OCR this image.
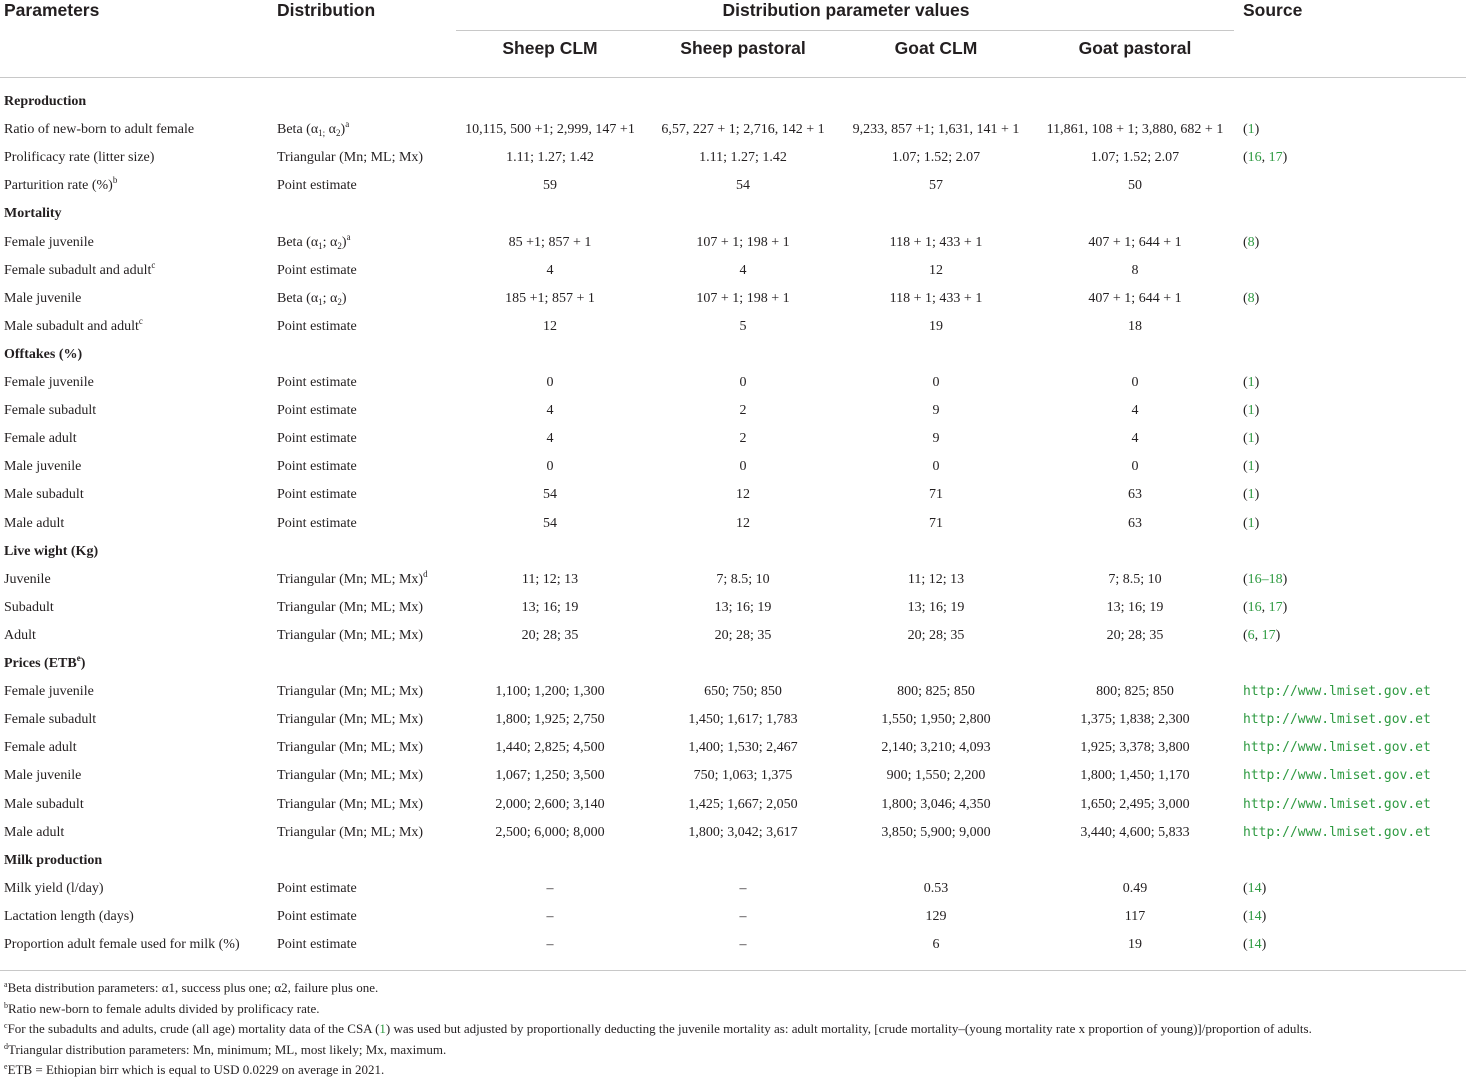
Parameters	Distribution	Distribution parameter values	Source
Sheep CLM	Sheep pastoral	Goat CLM	Goat pastoral
Reproduction
Ratio of new-born to adult female	Beta ($\alpha_{1;}$ $\alpha_2)^a$	10,115, 500 +1; 2,999, 147 +1	6,57, 227 + 1; 2,716, 142 + 1	9,233, 857 +1; 1,631, 141 + 1	11,861, 108 + 1; 3,880, 682 + 1	(1)
Prolificacy rate (litter size)	Triangular (Mn; ML; Mx)	1.11; 1.27; 1.42	1.11; 1.27; 1.42	1.07; 1.52; 2.07	1.07; 1.52; 2.07	(16, 17)
Parturition rate (%)$^b$	Point estimate	59	54	57	50
Mortality
Female juvenile	Beta ($\alpha_1$; $\alpha_2)^a$	85 +1; 857 + 1	107 + 1; 198 + 1	118 + 1; 433 + 1	407 + 1; 644 + 1	(8)
Female subadult and adult$^c$	Point estimate	4	4	12	8
Male juvenile	Beta ($\alpha_1$; $\alpha_2$)	185 +1; 857 + 1	107 + 1; 198 + 1	118 + 1; 433 + 1	407 + 1; 644 + 1	(8)
Male subadult and adult$^c$	Point estimate	12	5	19	18
Offtakes (%)
Female juvenile	Point estimate	0	0	0	0	(1)
Female subadult	Point estimate	4	2	9	4	(1)
Female adult	Point estimate	4	2	9	4	(1)
Male juvenile	Point estimate	0	0	0	0	(1)
Male subadult	Point estimate	54	12	71	63	(1)
Male adult	Point estimate	54	12	71	63	(1)
Live wight (Kg)
Juvenile	Triangular (Mn; ML; Mx)$^d$	11; 12; 13	7; 8.5; 10	11; 12; 13	7; 8.5; 10	(16–18)
Subadult	Triangular (Mn; ML; Mx)	13; 16; 19	13; 16; 19	13; 16; 19	13; 16; 19	(16, 17)
Adult	Triangular (Mn; ML; Mx)	20; 28; 35	20; 28; 35	20; 28; 35	20; 28; 35	(6, 17)
Prices (ETB$^e$)
Female juvenile	Triangular (Mn; ML; Mx)	1,100; 1,200; 1,300	650; 750; 850	800; 825; 850	800; 825; 850	http://www.lmiset.gov.et
Female subadult	Triangular (Mn; ML; Mx)	1,800; 1,925; 2,750	1,450; 1,617; 1,783	1,550; 1,950; 2,800	1,375; 1,838; 2,300	http://www.lmiset.gov.et
Female adult	Triangular (Mn; ML; Mx)	1,440; 2,825; 4,500	1,400; 1,530; 2,467	2,140; 3,210; 4,093	1,925; 3,378; 3,800	http://www.lmiset.gov.et
Male juvenile	Triangular (Mn; ML; Mx)	1,067; 1,250; 3,500	750; 1,063; 1,375	900; 1,550; 2,200	1,800; 1,450; 1,170	http://www.lmiset.gov.et
Male subadult	Triangular (Mn; ML; Mx)	2,000; 2,600; 3,140	1,425; 1,667; 2,050	1,800; 3,046; 4,350	1,650; 2,495; 3,000	http://www.lmiset.gov.et
Male adult	Triangular (Mn; ML; Mx)	2,500; 6,000; 8,000	1,800; 3,042; 3,617	3,850; 5,900; 9,000	3,440; 4,600; 5,833	http://www.lmiset.gov.et
Milk production
Milk yield (l/day)	Point estimate	–	–	0.53	0.49	(14)
Lactation length (days)	Point estimate	–	–	129	117	(14)
Proportion adult female used for milk (%)	Point estimate	–	–	6	19	(14)
$^a$Beta distribution parameters: α1, success plus one; α2, failure plus one.
$^b$Ratio new-born to female adults divided by prolificacy rate.
$^c$For the subadults and adults, crude (all age) mortality data of the CSA (1) was used but adjusted by proportionally deducting the juvenile mortality as: adult mortality, [crude mortality–(young mortality rate x proportion of young)]/proportion of adults.
$^d$Triangular distribution parameters: Mn, minimum; ML, most likely; Mx, maximum.
$^e$ETB = Ethiopian birr which is equal to USD 0.0229 on average in 2021.
